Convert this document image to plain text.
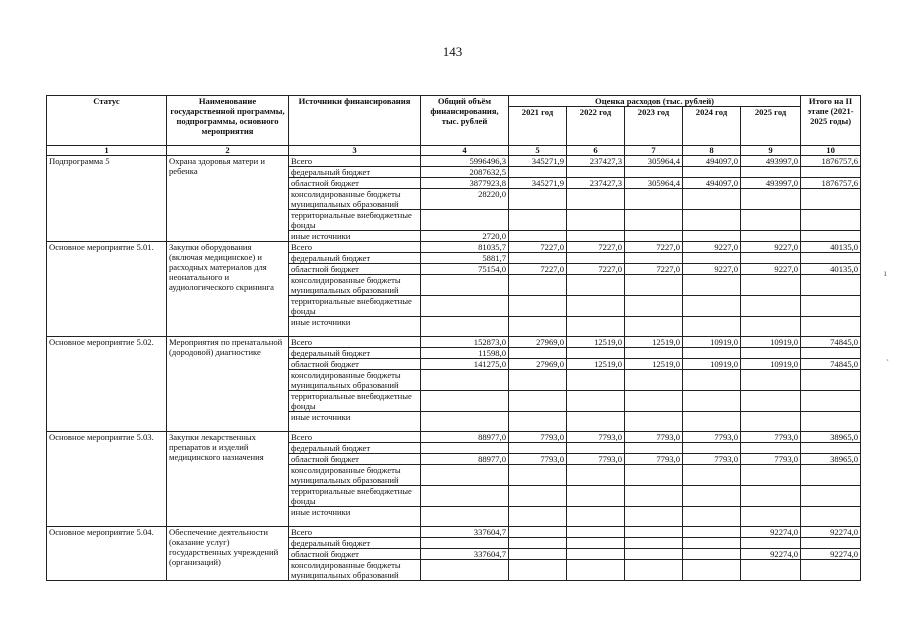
143
Статус	Наименование государственной программы, подпрограммы, основного мероприятия	Источники финансирования	Общий объём финансирования, тыс. рублей	Оценка расходов (тыс. рублей)					Итого на II этапе (2021-2025 годы)
				2021 год	2022 год	2023 год	2024 год	2025 год	
1	2	3	4	5	6	7	8	9	10
Подпрограмма 5	Охрана здоровья матери и ребенка	Всего	5996496,3	345271,9	237427,3	305964,4	494097,0	493997,0	1876757,6
		федеральный бюджет	2087632,5						
		областной бюджет	3877923,8	345271,9	237427,3	305964,4	494097,0	493997,0	1876757,6
		консолидированные бюджеты муниципальных образований	28220,0						
		территориальные внебюджетные фонды							
		иные источники	2720,0						
Основное мероприятие 5.01.	Закупки оборудования (включая медицинское) и расходных материалов для неонатального и аудиологического скрининга	Всего	81035,7	7227,0	7227,0	7227,0	9227,0	9227,0	40135,0
		федеральный бюджет	5881,7						
		областной бюджет	75154,0	7227,0	7227,0	7227,0	9227,0	9227,0	40135,0
		консолидированные бюджеты муниципальных образований							
		территориальные внебюджетные фонды							
		иные источники							
Основное мероприятие 5.02.	Мероприятия по пренатальной (дородовой) диагностике	Всего	152873,0	27969,0	12519,0	12519,0	10919,0	10919,0	74845,0
		федеральный бюджет	11598,0						
		областной бюджет	141275,0	27969,0	12519,0	12519,0	10919,0	10919,0	74845,0
		консолидированные бюджеты муниципальных образований							
		территориальные внебюджетные фонды							
		иные источники							
Основное мероприятие 5.03.	Закупки лекарственных препаратов и изделий медицинского назначения	Всего	88977,0	7793,0	7793,0	7793,0	7793,0	7793,0	38965,0
		федеральный бюджет							
		областной бюджет	88977,0	7793,0	7793,0	7793,0	7793,0	7793,0	38965,0
		консолидированные бюджеты муниципальных образований							
		территориальные внебюджетные фонды							
		иные источники							
Основное мероприятие 5.04.	Обеспечение деятельности (оказание услуг) государственных учреждений (организаций)	Всего	337604,7					92274,0	92274,0
		федеральный бюджет							
		областной бюджет	337604,7					92274,0	92274,0
		консолидированные бюджеты муниципальных образований							
ı
ˋ
